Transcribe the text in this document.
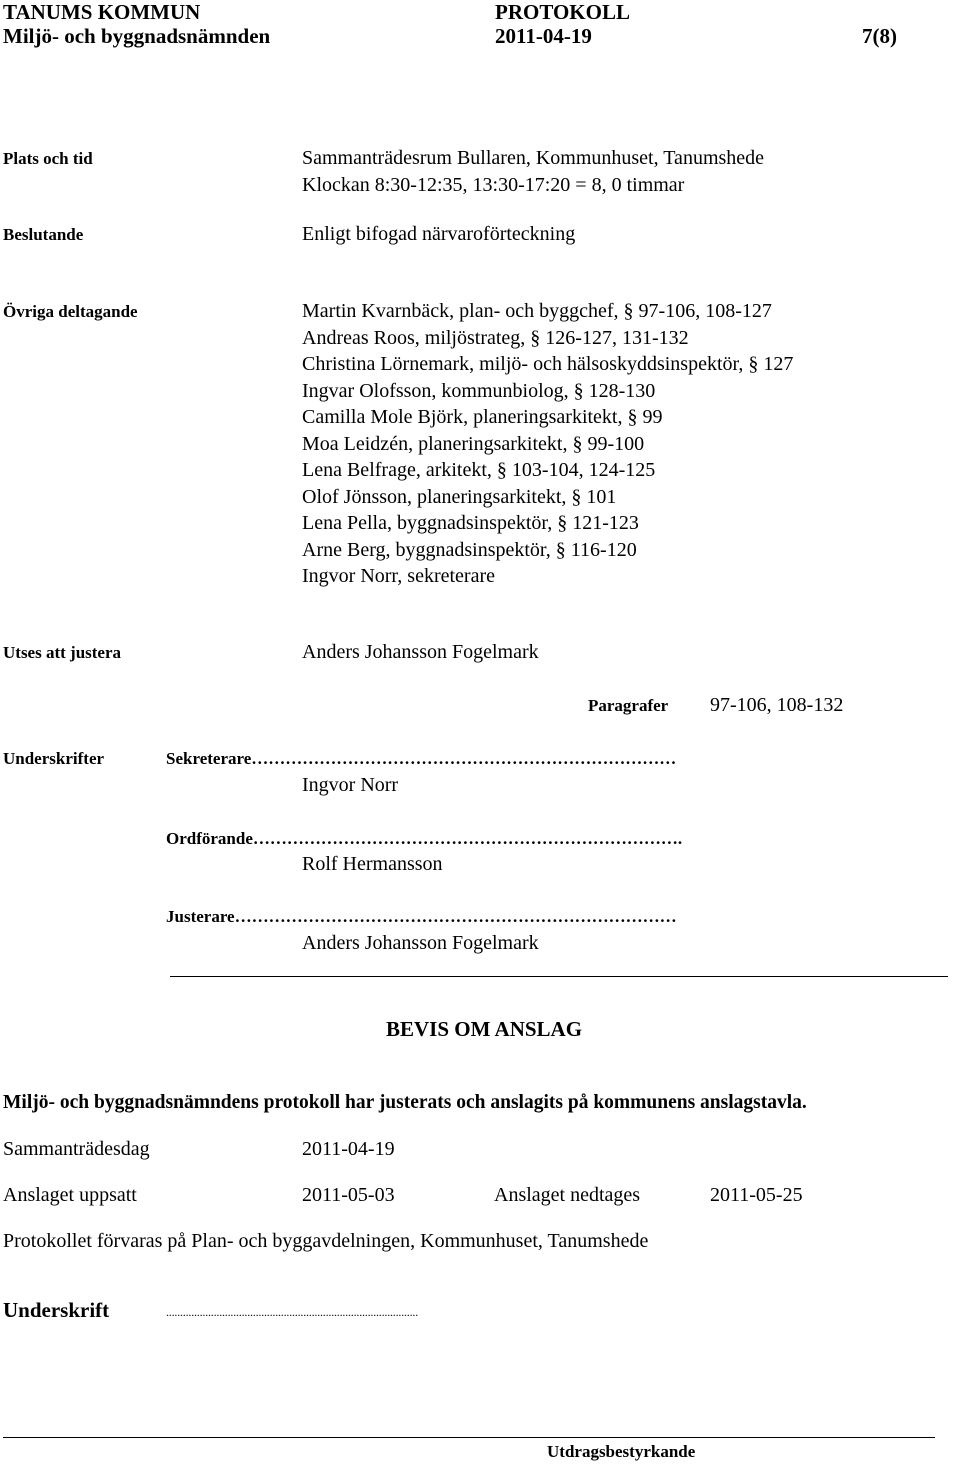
TANUMS KOMMUN	PROTOKOLL
Miljö- och byggnadsnämnden	2011-04-19	7(8)
Plats och tid	Sammanträdesrum Bullaren, Kommunhuset, Tanumshede
Klockan 8:30-12:35, 13:30-17:20 = 8, 0 timmar
Beslutande	Enligt bifogad närvaroförteckning
Övriga deltagande	Martin Kvarnbäck, plan- och byggchef, § 97-106, 108-127
Andreas Roos, miljöstrateg, § 126-127, 131-132
Christina Lörnemark, miljö- och hälsoskyddsinspektör, § 127
Ingvar Olofsson, kommunbiolog, § 128-130
Camilla Mole Björk, planeringsarkitekt, § 99
Moa Leidzén, planeringsarkitekt, § 99-100
Lena Belfrage, arkitekt, § 103-104, 124-125
Olof Jönsson, planeringsarkitekt, § 101
Lena Pella, byggnadsinspektör, § 121-123
Arne Berg, byggnadsinspektör, § 116-120
Ingvor Norr, sekreterare
Utses att justera	Anders Johansson Fogelmark
Paragrafer 97-106, 108-132
Underskrifter	Sekreterare…………………………………………………………………
Ingvor Norr
Ordförande………………………………………………………………….
Rolf Hermansson
Justerare……………………………………………………………………
Anders Johansson Fogelmark
BEVIS OM ANSLAG
Miljö- och byggnadsnämndens protokoll har justerats och anslagits på kommunens anslagstavla.
Sammanträdesdag	2011-04-19
Anslaget uppsatt	2011-05-03	Anslaget nedtages	2011-05-25
Protokollet förvaras på Plan- och byggavdelningen, Kommunhuset, Tanumshede
Underskrift	..........................................................................................
Utdragsbestyrkande
